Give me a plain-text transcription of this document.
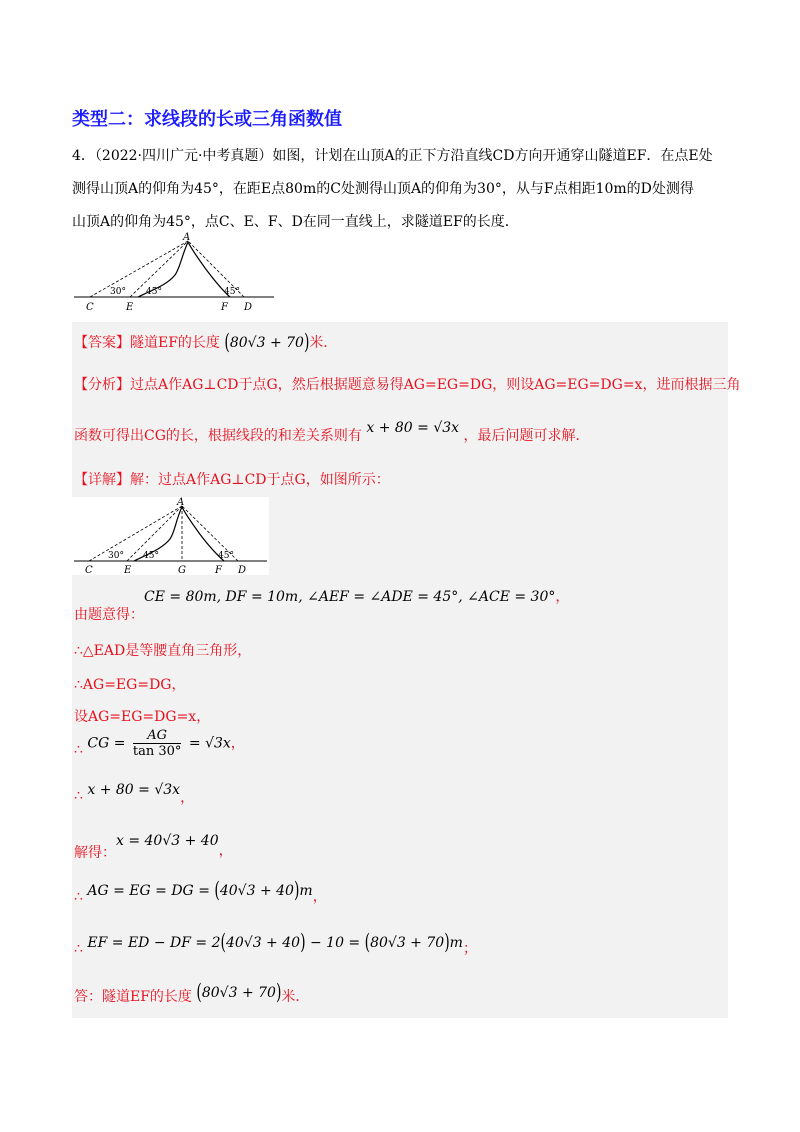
类型二：求线段的长或三角函数值

4．（2022·四川广元·中考真题）如图，计划在山顶A的正下方沿直线CD方向开通穿山隧道EF．在点E处

测得山顶A的仰角为45°，在距E点80m的C处测得山顶A的仰角为30°，从与F点相距10m的D处测得

山顶A的仰角为45°，点C、E、F、D在同一直线上，求隧道EF的长度．

A
C	E	F D
30° 45°	45°
【答案】隧道EF的长度 (80√3 + 70)米．
【分析】过点A作AG⊥CD于点G，然后根据题意易得AG=EG=DG，则设AG=EG=DG=x，进而根据三角
函数可得出CG的长，根据线段的和差关系则有 x + 80 = √3x ，最后问题可求解．
【详解】解：过点A作AG⊥CD于点G，如图所示：
A
C	E	G	F D
30° 45°	45°
CE = 80m, DF = 10m, ∠AEF = ∠ADE = 45°, ∠ACE = 30°，
由题意得：
∴△EAD是等腰直角三角形，
∴AG=EG=DG，
设AG=EG=DG=x，
∴ CG = $\frac{AG}{\tan 30^\circ} = √3x$，
∴ x + 80 = √3x，
x = 40√3 + 40，
解得：
∴ AG = EG = DG = (40√3 + 40)m，
∴ EF = ED − DF = 2(40√3 + 40) − 10 = (80√3 + 70)m；
答：隧道EF的长度 (80√3 + 70)米．
